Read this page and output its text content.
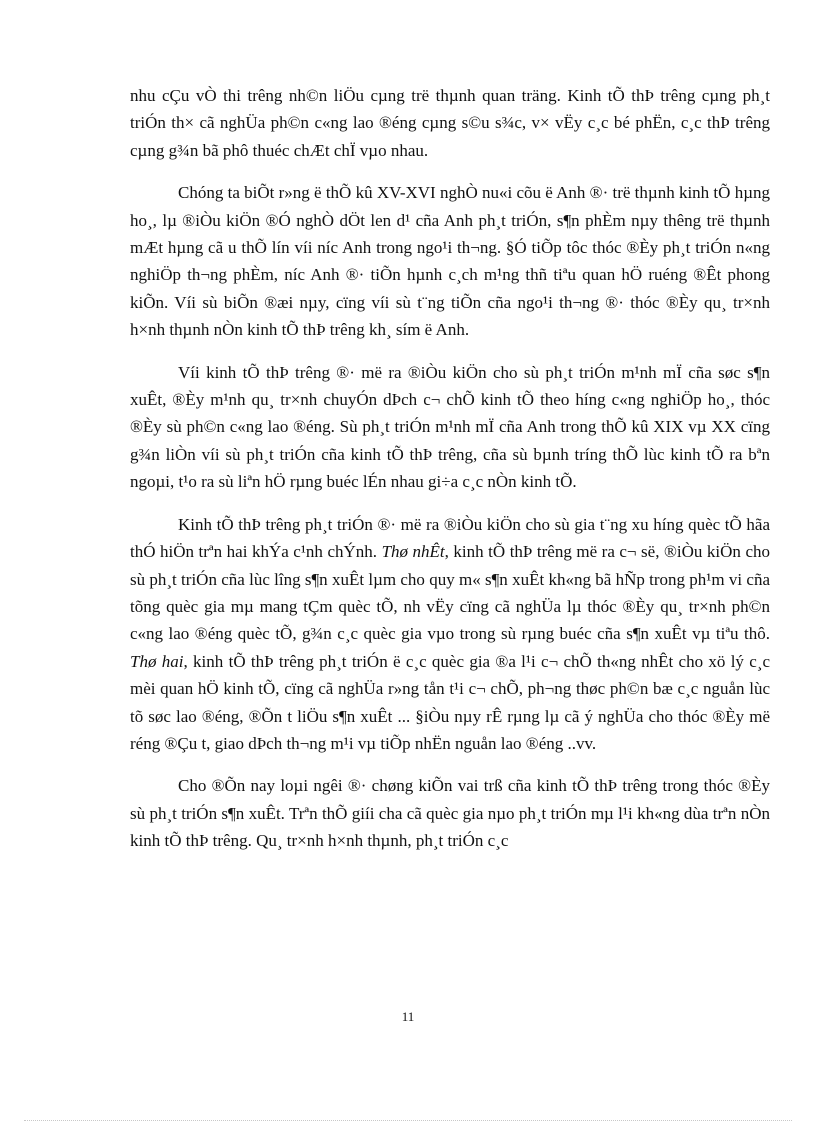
nhu cÇu vÒ thi trêng nh©n liÖu cµng trë thµnh quan träng. Kinh tÕ thÞ trêng cµng ph¸t triÓn th× cã nghÜa ph©n c«ng lao ®éng cµng s©u s¾c, v× vËy c¸c bé phËn, c¸c thÞ trêng cµng g¾n bã phô thuéc chÆt chÏ vµo nhau.

Chóng ta biÕt r»ng ë thÕ kû XV-XVI nghÒ nu«i cõu ë Anh ®· trë thµnh kinh tÕ hµng ho¸, lµ ®iÒu kiÖn ®Ó nghÒ dÖt len d¹ cña Anh ph¸t triÓn, s¶n phÈm nµy thêng trë thµnh mÆt hµng cã u thÕ lín víi níc Anh trong ngo¹i th¬ng. §Ó tiÕp tôc thóc ®Èy ph¸t triÓn n«ng nghiÖp th¬ng phÈm, níc Anh ®· tiÕn hµnh c¸ch m¹ng thñ tiªu quan hÖ ruéng ®Êt phong kiÕn. Víi sù biÕn ®æi nµy, cïng víi sù t¨ng tiÕn cña ngo¹i th¬ng ®· thóc ®Èy qu¸ tr×nh h×nh thµnh nÒn kinh tÕ thÞ trêng kh¸ sím ë Anh.

Víi kinh tÕ thÞ trêng ®· më ra ®iÒu kiÖn cho sù ph¸t triÓn m¹nh mÏ cña søc s¶n xuÊt, ®Èy m¹nh qu¸ tr×nh chuyÓn dÞch c¬ chÕ kinh tÕ theo híng c«ng nghiÖp ho¸, thóc ®Èy sù ph©n c«ng lao ®éng. Sù ph¸t triÓn m¹nh mÏ cña Anh trong thÕ kû XIX vµ XX cïng g¾n liÒn víi sù ph¸t triÓn cña kinh tÕ thÞ trêng, cña sù bµnh tríng thÕ lùc kinh tÕ ra bªn ngoµi, t¹o ra sù liªn hÖ rµng buéc lÉn nhau gi÷a c¸c nÒn kinh tÕ.

Kinh tÕ thÞ trêng ph¸t triÓn ®· më ra ®iÒu kiÖn cho sù gia t¨ng xu híng quèc tÕ hãa thÓ hiÖn trªn hai khÝa c¹nh chÝnh. Thø nhÊt, kinh tÕ thÞ trêng më ra c¬ së, ®iÒu kiÖn cho sù ph¸t triÓn cña lùc lîng s¶n xuÊt lµm cho quy m« s¶n xuÊt kh«ng bã hÑp trong ph¹m vi cña tõng quèc gia mµ mang tÇm quèc tÕ, nh vËy cïng cã nghÜa lµ thóc ®Èy qu¸ tr×nh ph©n c«ng lao ®éng quèc tÕ, g¾n c¸c quèc gia vµo trong sù rµng buéc cña s¶n xuÊt vµ tiªu thô. Thø hai, kinh tÕ thÞ trêng ph¸t triÓn ë c¸c quèc gia ®a l¹i c¬ chÕ th«ng nhÊt cho xö lý c¸c mèi quan hÖ kinh tÕ, cïng cã nghÜa r»ng tån t¹i c¬ chÕ, ph¬ng thøc ph©n bæ c¸c nguån lùc tõ søc lao ®éng, ®Õn t liÖu s¶n xuÊt ... §iÒu nµy rÊ rµng lµ cã ý nghÜa cho thóc ®Èy më réng ®Çu t, giao dÞch th¬ng m¹i vµ tiÕp nhËn nguån lao ®éng ..vv.

Cho ®Õn nay loµi ngêi ®· chøng kiÕn vai trß cña kinh tÕ thÞ trêng trong thóc ®Èy sù ph¸t triÓn s¶n xuÊt. Trªn thÕ giíi cha cã quèc gia nµo ph¸t triÓn mµ l¹i kh«ng dùa trªn nÒn kinh tÕ thÞ trêng. Qu¸ tr×nh h×nh thµnh, ph¸t triÓn c¸c

11
